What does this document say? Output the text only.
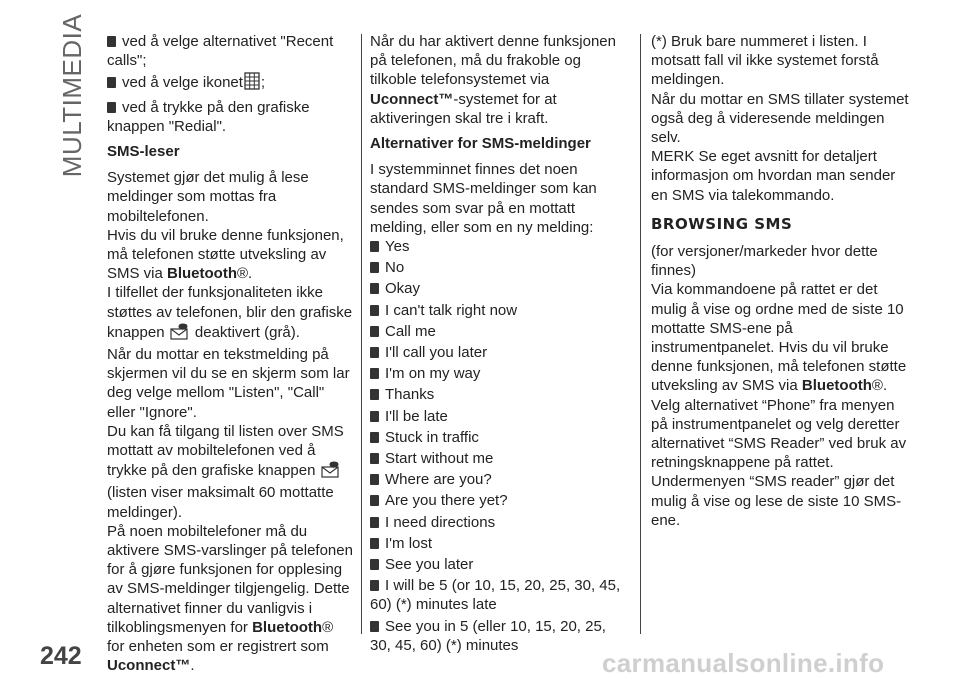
MULTIMEDIA
242	carmanualsonline.info

ved å velge alternativet "Recent calls";

ved å velge ikonet ;

ved å trykke på den grafiske knappen "Redial".

SMS-leser

Systemet gjør det mulig å lese meldinger som mottas fra mobiltelefonen.

Hvis du vil bruke denne funksjonen, må telefonen støtte utveksling av SMS via Bluetooth®.

I tilfellet der funksjonaliteten ikke støttes av telefonen, blir den grafiske knappen  deaktivert (grå).

Når du mottar en tekstmelding på skjermen vil du se en skjerm som lar deg velge mellom "Listen", "Call" eller "Ignore".

Du kan få tilgang til listen over SMS mottatt av mobiltelefonen ved å trykke på den grafiske knappen  (listen viser maksimalt 60 mottatte meldinger).

På noen mobiltelefoner må du aktivere SMS-varslinger på telefonen for å gjøre funksjonen for opplesing av SMS-meldinger tilgjengelig. Dette alternativet finner du vanligvis i tilkoblingsmenyen for Bluetooth® for enheten som er registrert som Uconnect™.

Når du har aktivert denne funksjonen på telefonen, må du frakoble og tilkoble telefonsystemet via Uconnect™-systemet for at aktiveringen skal tre i kraft.

Alternativer for SMS-meldinger

I systemminnet finnes det noen standard SMS-meldinger som kan sendes som svar på en mottatt melding, eller som en ny melding:

Yes

No

Okay

I can't talk right now

Call me

I'll call you later

I'm on my way

Thanks

I'll be late

Stuck in traffic

Start without me

Where are you?

Are you there yet?

I need directions

I'm lost

See you later

I will be 5 (or 10, 15, 20, 25, 30, 45, 60) (*) minutes late

See you in 5 (eller 10, 15, 20, 25, 30, 45, 60) (*) minutes

(*) Bruk bare nummeret i listen. I motsatt fall vil ikke systemet forstå meldingen.

Når du mottar en SMS tillater systemet også deg å videresende meldingen selv.

MERK Se eget avsnitt for detaljert informasjon om hvordan man sender en SMS via talekommando.

BROWSING SMS

(for versjoner/markeder hvor dette finnes)

Via kommandoene på rattet er det mulig å vise og ordne med de siste 10 mottatte SMS-ene på instrumentpanelet. Hvis du vil bruke denne funksjonen, må telefonen støtte utveksling av SMS via Bluetooth®.

Velg alternativet “Phone” fra menyen på instrumentpanelet og velg deretter alternativet “SMS Reader” ved bruk av retningsknappene på rattet.

Undermenyen “SMS reader” gjør det mulig å vise og lese de siste 10 SMS-ene.
